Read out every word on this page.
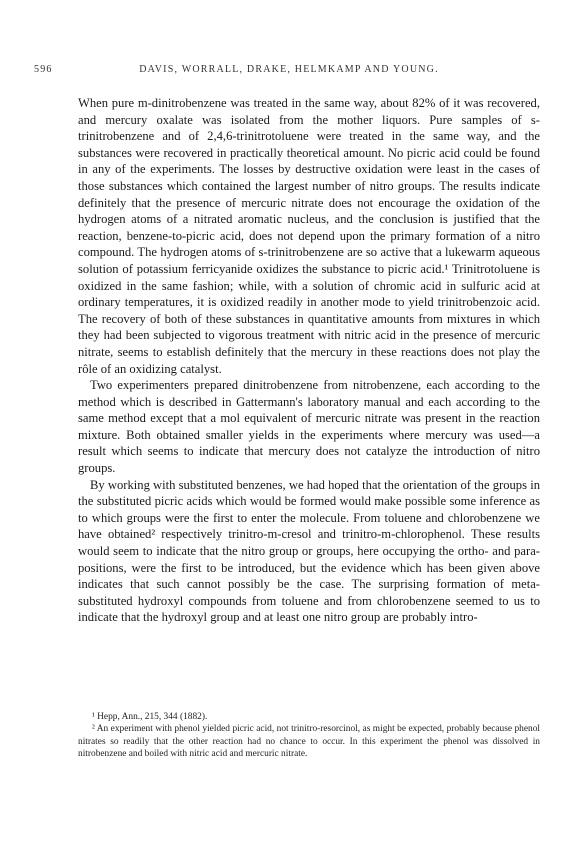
596	DAVIS, WORRALL, DRAKE, HELMKAMP AND YOUNG.

When pure m-dinitrobenzene was treated in the same way, about 82% of it was recovered, and mercury oxalate was isolated from the mother liquors. Pure samples of s-trinitrobenzene and of 2,4,6-trinitrotoluene were treated in the same way, and the substances were recovered in practically theoretical amount. No picric acid could be found in any of the experiments. The losses by destructive oxidation were least in the cases of those substances which contained the largest number of nitro groups. The results indicate definitely that the presence of mercuric nitrate does not encourage the oxidation of the hydrogen atoms of a nitrated aromatic nucleus, and the conclusion is justified that the reaction, benzene-to-picric acid, does not depend upon the primary formation of a nitro compound. The hydrogen atoms of s-trinitrobenzene are so active that a lukewarm aqueous solution of potassium ferricyanide oxidizes the substance to picric acid.¹ Trinitrotoluene is oxidized in the same fashion; while, with a solution of chromic acid in sulfuric acid at ordinary temperatures, it is oxidized readily in another mode to yield trinitrobenzoic acid. The recovery of both of these substances in quantitative amounts from mixtures in which they had been subjected to vigorous treatment with nitric acid in the presence of mercuric nitrate, seems to establish definitely that the mercury in these reactions does not play the rôle of an oxidizing catalyst.

Two experimenters prepared dinitrobenzene from nitrobenzene, each according to the method which is described in Gattermann's laboratory manual and each according to the same method except that a mol equivalent of mercuric nitrate was present in the reaction mixture. Both obtained smaller yields in the experiments where mercury was used—a result which seems to indicate that mercury does not catalyze the introduction of nitro groups.

By working with substituted benzenes, we had hoped that the orientation of the groups in the substituted picric acids which would be formed would make possible some inference as to which groups were the first to enter the molecule. From toluene and chlorobenzene we have obtained² respectively trinitro-m-cresol and trinitro-m-chlorophenol. These results would seem to indicate that the nitro group or groups, here occupying the ortho- and para-positions, were the first to be introduced, but the evidence which has been given above indicates that such cannot possibly be the case. The surprising formation of meta-substituted hydroxyl compounds from toluene and from chlorobenzene seemed to us to indicate that the hydroxyl group and at least one nitro group are probably intro-

¹ Hepp, Ann., 215, 344 (1882).

² An experiment with phenol yielded picric acid, not trinitro-resorcinol, as might be expected, probably because phenol nitrates so readily that the other reaction had no chance to occur. In this experiment the phenol was dissolved in nitrobenzene and boiled with nitric acid and mercuric nitrate.
